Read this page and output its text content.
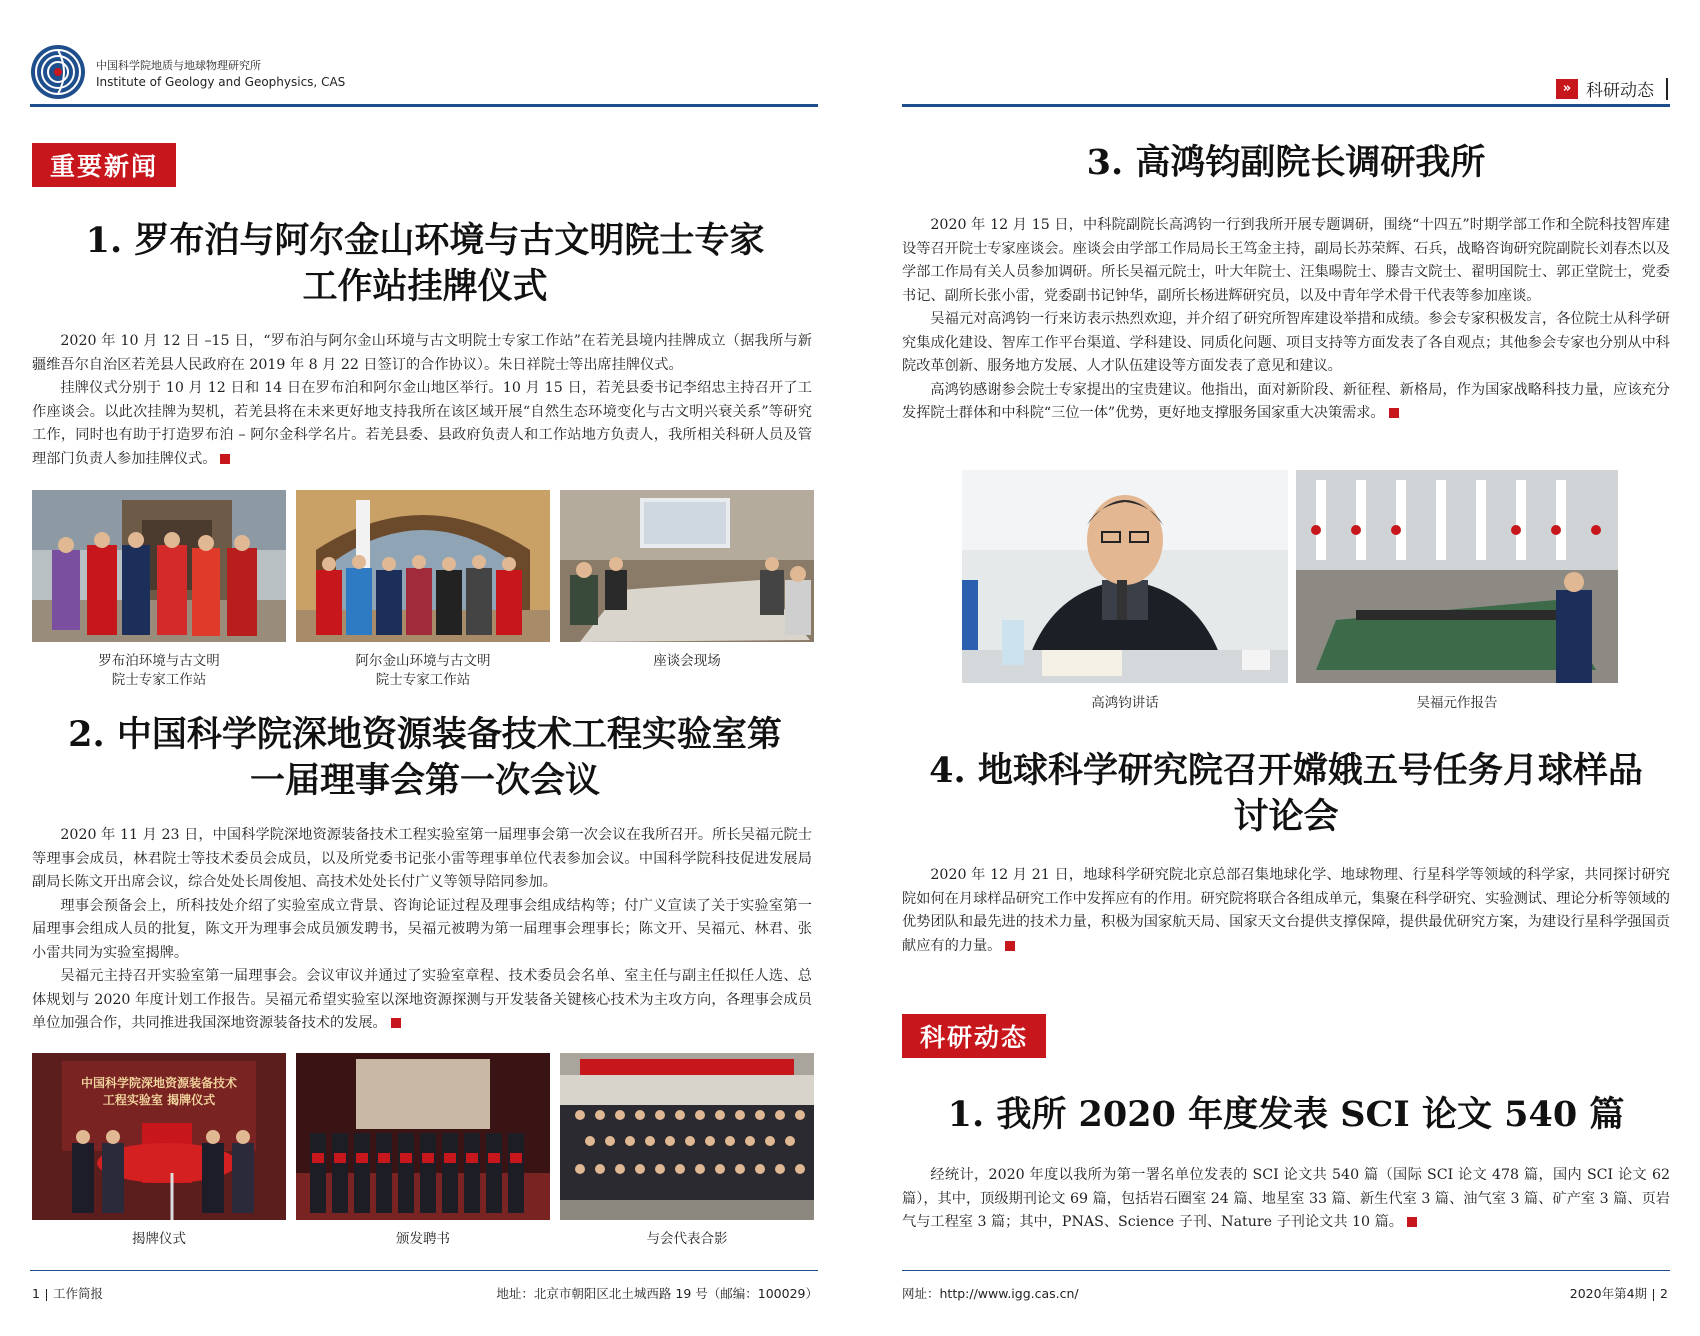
中国科学院地质与地球物理研究所
Institute of Geology and Geophysics, CAS
重要新闻
1. 罗布泊与阿尔金山环境与古文明院士专家
工作站挂牌仪式

2020 年 10 月 12 日 –15 日，“罗布泊与阿尔金山环境与古文明院士专家工作站”在若羌县境内挂牌成立（据我所与新疆维吾尔自治区若羌县人民政府在 2019 年 8 月 22 日签订的合作协议）。朱日祥院士等出席挂牌仪式。

挂牌仪式分别于 10 月 12 日和 14 日在罗布泊和阿尔金山地区举行。10 月 15 日，若羌县委书记李绍忠主持召开了工作座谈会。以此次挂牌为契机，若羌县将在未来更好地支持我所在该区域开展“自然生态环境变化与古文明兴衰关系”等研究工作，同时也有助于打造罗布泊 – 阿尔金科学名片。若羌县委、县政府负责人和工作站地方负责人，我所相关科研人员及管理部门负责人参加挂牌仪式。

罗布泊环境与古文明
院士专家工作站
阿尔金山环境与古文明
院士专家工作站
座谈会现场
2. 中国科学院深地资源装备技术工程实验室第
一届理事会第一次会议

2020 年 11 月 23 日，中国科学院深地资源装备技术工程实验室第一届理事会第一次会议在我所召开。所长吴福元院士等理事会成员，林君院士等技术委员会成员，以及所党委书记张小雷等理事单位代表参加会议。中国科学院科技促进发展局副局长陈文开出席会议，综合处处长周俊旭、高技术处处长付广义等领导陪同参加。

理事会预备会上，所科技处介绍了实验室成立背景、咨询论证过程及理事会组成结构等；付广义宣读了关于实验室第一届理事会组成人员的批复，陈文开为理事会成员颁发聘书，吴福元被聘为第一届理事会理事长；陈文开、吴福元、林君、张小雷共同为实验室揭牌。

吴福元主持召开实验室第一届理事会。会议审议并通过了实验室章程、技术委员会名单、室主任与副主任拟任人选、总体规划与 2020 年度计划工作报告。吴福元希望实验室以深地资源探测与开发装备关键核心技术为主攻方向，各理事会成员单位加强合作，共同推进我国深地资源装备技术的发展。

中国科学院深地资源装备技术工程实验室 揭牌仪式
揭牌仪式	颁发聘书	与会代表合影
1 工作简报	地址：北京市朝阳区北土城西路 19 号（邮编：100029）
» 科研动态
3. 高鸿钧副院长调研我所

2020 年 12 月 15 日，中科院副院长高鸿钧一行到我所开展专题调研，围绕“十四五”时期学部工作和全院科技智库建设等召开院士专家座谈会。座谈会由学部工作局局长王笃金主持，副局长苏荣辉、石兵，战略咨询研究院副院长刘春杰以及学部工作局有关人员参加调研。所长吴福元院士，叶大年院士、汪集暘院士、滕吉文院士、翟明国院士、郭正堂院士，党委书记、副所长张小雷，党委副书记钟华，副所长杨进辉研究员，以及中青年学术骨干代表等参加座谈。

吴福元对高鸿钧一行来访表示热烈欢迎，并介绍了研究所智库建设举措和成绩。参会专家积极发言，各位院士从科学研究集成化建设、智库工作平台渠道、学科建设、同质化问题、项目支持等方面发表了各自观点；其他参会专家也分别从中科院改革创新、服务地方发展、人才队伍建设等方面发表了意见和建议。

高鸿钧感谢参会院士专家提出的宝贵建议。他指出，面对新阶段、新征程、新格局，作为国家战略科技力量，应该充分发挥院士群体和中科院“三位一体”优势，更好地支撑服务国家重大决策需求。

高鸿钧讲话	吴福元作报告
4. 地球科学研究院召开嫦娥五号任务月球样品
讨论会

2020 年 12 月 21 日，地球科学研究院北京总部召集地球化学、地球物理、行星科学等领域的科学家，共同探讨研究院如何在月球样品研究工作中发挥应有的作用。研究院将联合各组成单元，集聚在科学研究、实验测试、理论分析等领域的优势团队和最先进的技术力量，积极为国家航天局、国家天文台提供支撑保障，提供最优研究方案，为建设行星科学强国贡献应有的力量。

科研动态
1. 我所 2020 年度发表 SCI 论文 540 篇

经统计，2020 年度以我所为第一署名单位发表的 SCI 论文共 540 篇（国际 SCI 论文 478 篇，国内 SCI 论文 62 篇），其中，顶级期刊论文 69 篇，包括岩石圈室 24 篇、地星室 33 篇、新生代室 3 篇、油气室 3 篇、矿产室 3 篇、页岩气与工程室 3 篇；其中，PNAS、Science 子刊、Nature 子刊论文共 10 篇。

网址：http://www.igg.cas.cn/	2020年第4期 2
